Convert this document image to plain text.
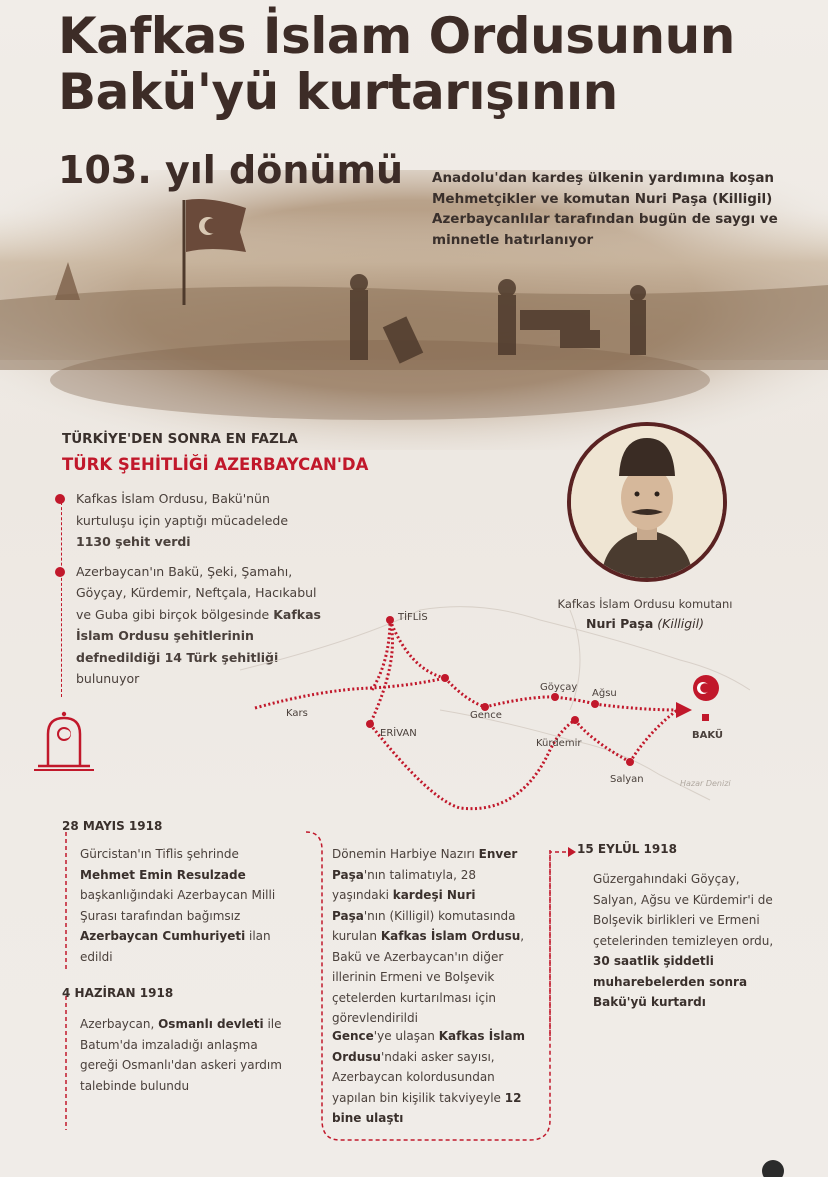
Kafkas İslam Ordusunun
Bakü'yü kurtarışının
103. yıl dönümü Anadolu'dan kardeş ülkenin yardımına koşan Mehmetçikler ve komutan Nuri Paşa (Killigil) Azerbaycanlılar tarafından bugün de saygı ve minnetle hatırlanıyor
TÜRKİYE'DEN SONRA EN FAZLA
TÜRK ŞEHİTLİĞİ AZERBAYCAN'DA
Kafkas İslam Ordusu, Bakü'nün kurtuluşu için yaptığı mücadelede 1130 şehit verdi
Azerbaycan'ın Bakü, Şeki, Şamahı, Göyçay, Kürdemir, Neftçala, Hacıkabul ve Guba gibi birçok bölgesinde Kafkas İslam Ordusu şehitlerinin defnedildiği 14 Türk şehitliği bulunuyor
Kafkas İslam Ordusu komutanı
Nuri Paşa (Killigil)
TİFLİS
Kars
ERİVAN
Gence
Göyçay
Ağsu
Kürdemir
Salyan
BAKÜ
Hazar Denizi
28 MAYIS 1918
Gürcistan'ın Tiflis şehrinde Mehmet Emin Resulzade başkanlığındaki Azerbaycan Milli Şurası tarafından bağımsız Azerbaycan Cumhuriyeti ilan edildi
4 HAZİRAN 1918
Azerbaycan, Osmanlı devleti ile Batum'da imzaladığı anlaşma gereği Osmanlı'dan askeri yardım talebinde bulundu
Dönemin Harbiye Nazırı Enver Paşa'nın talimatıyla, 28 yaşındaki kardeşi Nuri Paşa'nın (Killigil) komutasında kurulan Kafkas İslam Ordusu, Bakü ve Azerbaycan'ın diğer illerinin Ermeni ve Bolşevik çetelerden kurtarılması için görevlendirildi
Gence'ye ulaşan Kafkas İslam Ordusu'ndaki asker sayısı, Azerbaycan kolordusundan yapılan bin kişilik takviyeyle 12 bine ulaştı
15 EYLÜL 1918
Güzergahındaki Göyçay, Salyan, Ağsu ve Kürdemir'i de Bolşevik birlikleri ve Ermeni çetelerinden temizleyen ordu, 30 saatlik şiddetli muharebelerden sonra Bakü'yü kurtardı
